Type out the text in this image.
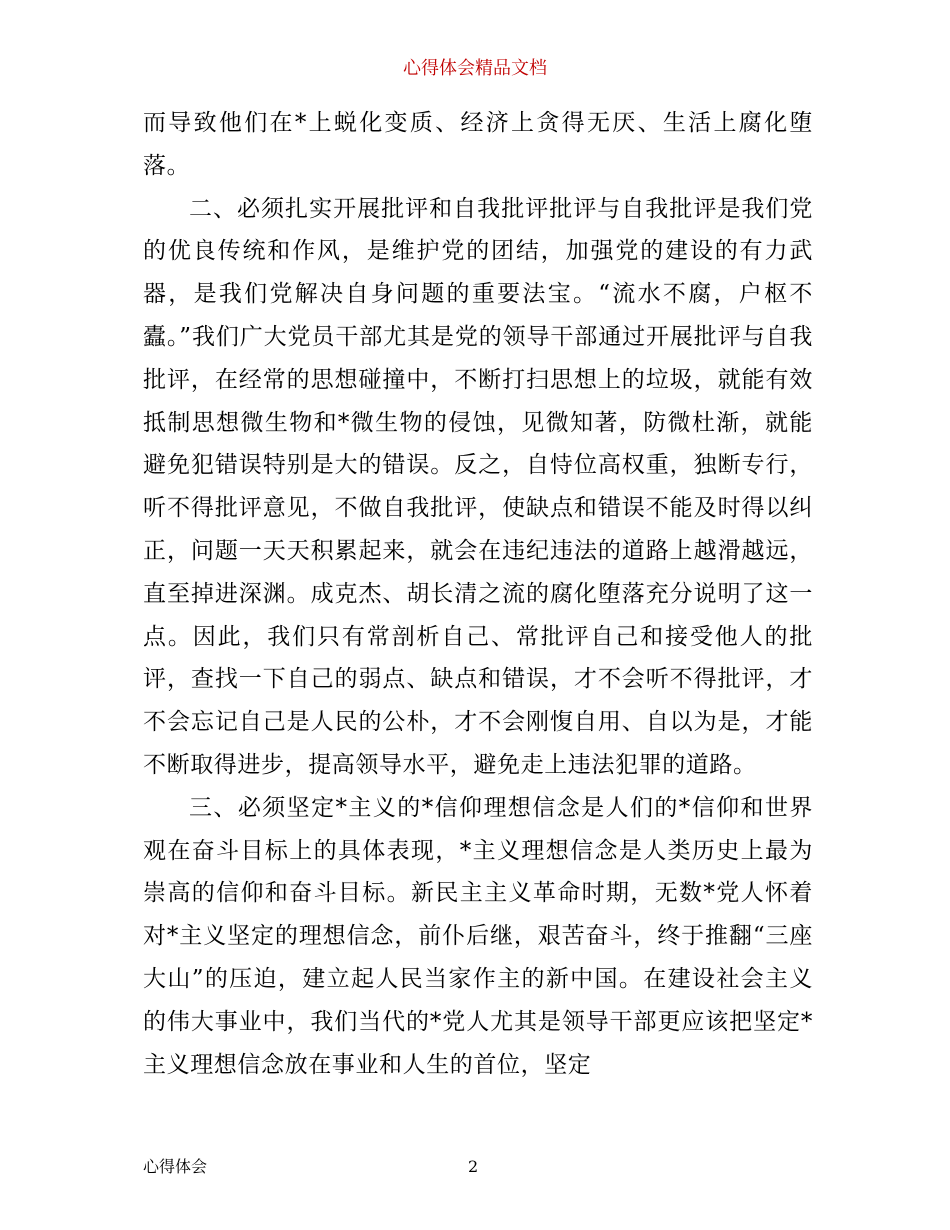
心得体会精品文档

而导致他们在*上蜕化变质、经济上贪得无厌、生活上腐化堕落。

二、必须扎实开展批评和自我批评批评与自我批评是我们党的优良传统和作风，是维护党的团结，加强党的建设的有力武器，是我们党解决自身问题的重要法宝。“流水不腐，户枢不蠹。”我们广大党员干部尤其是党的领导干部通过开展批评与自我批评，在经常的思想碰撞中，不断打扫思想上的垃圾，就能有效抵制思想微生物和*微生物的侵蚀，见微知著，防微杜渐，就能避免犯错误特别是大的错误。反之，自恃位高权重，独断专行，听不得批评意见，不做自我批评，使缺点和错误不能及时得以纠正，问题一天天积累起来，就会在违纪违法的道路上越滑越远，直至掉进深渊。成克杰、胡长清之流的腐化堕落充分说明了这一点。因此，我们只有常剖析自己、常批评自己和接受他人的批评，查找一下自己的弱点、缺点和错误，才不会听不得批评，才不会忘记自己是人民的公朴，才不会刚愎自用、自以为是，才能不断取得进步，提高领导水平，避免走上违法犯罪的道路。

三、必须坚定*主义的*信仰理想信念是人们的*信仰和世界观在奋斗目标上的具体表现，*主义理想信念是人类历史上最为崇高的信仰和奋斗目标。新民主主义革命时期，无数*党人怀着对*主义坚定的理想信念，前仆后继，艰苦奋斗，终于推翻“三座大山”的压迫，建立起人民当家作主的新中国。在建设社会主义的伟大事业中，我们当代的*党人尤其是领导干部更应该把坚定*主义理想信念放在事业和人生的首位，坚定

心得体会	2
